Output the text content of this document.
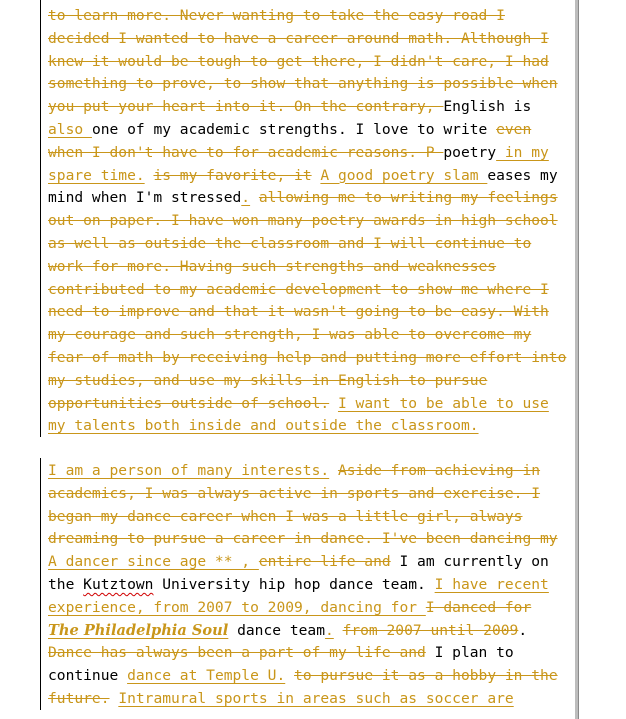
to learn more. Never wanting to take the easy road I
decided I wanted to have a career around math. Although I
knew it would be tough to get there, I didn't care, I had
something to prove, to show that anything is possible when
you put your heart into it. On the contrary, English is
also one of my academic strengths. I love to write even
when I don't have to for academic reasons. P poetry in my
spare time. is my favorite, it A good poetry slam eases my
mind when I'm stressed. allowing me to writing my feelings
out on paper. I have won many poetry awards in high school
as well as outside the classroom and I will continue to
work for more. Having such strengths and weaknesses
contributed to my academic development to show me where I
need to improve and that it wasn't going to be easy. With
my courage and such strength, I was able to overcome my
fear of math by receiving help and putting more effort into
my studies, and use my skills in English to pursue
opportunities outside of school. I want to be able to use
my talents both inside and outside the classroom.
I am a person of many interests. Aside from achieving in
academics, I was always active in sports and exercise. I
began my dance career when I was a little girl, always
dreaming to pursue a career in dance. I've been dancing my
A dancer since age ** , entire life and I am currently on
the Kutztown University hip hop dance team. I have recent
experience, from 2007 to 2009, dancing for I danced for
The Philadelphia Soul dance team. from 2007 until 2009.
Dance has always been a part of my life and I plan to
continue dance at Temple U. to pursue it as a hobby in the
future. Intramural sports in areas such as soccer are
